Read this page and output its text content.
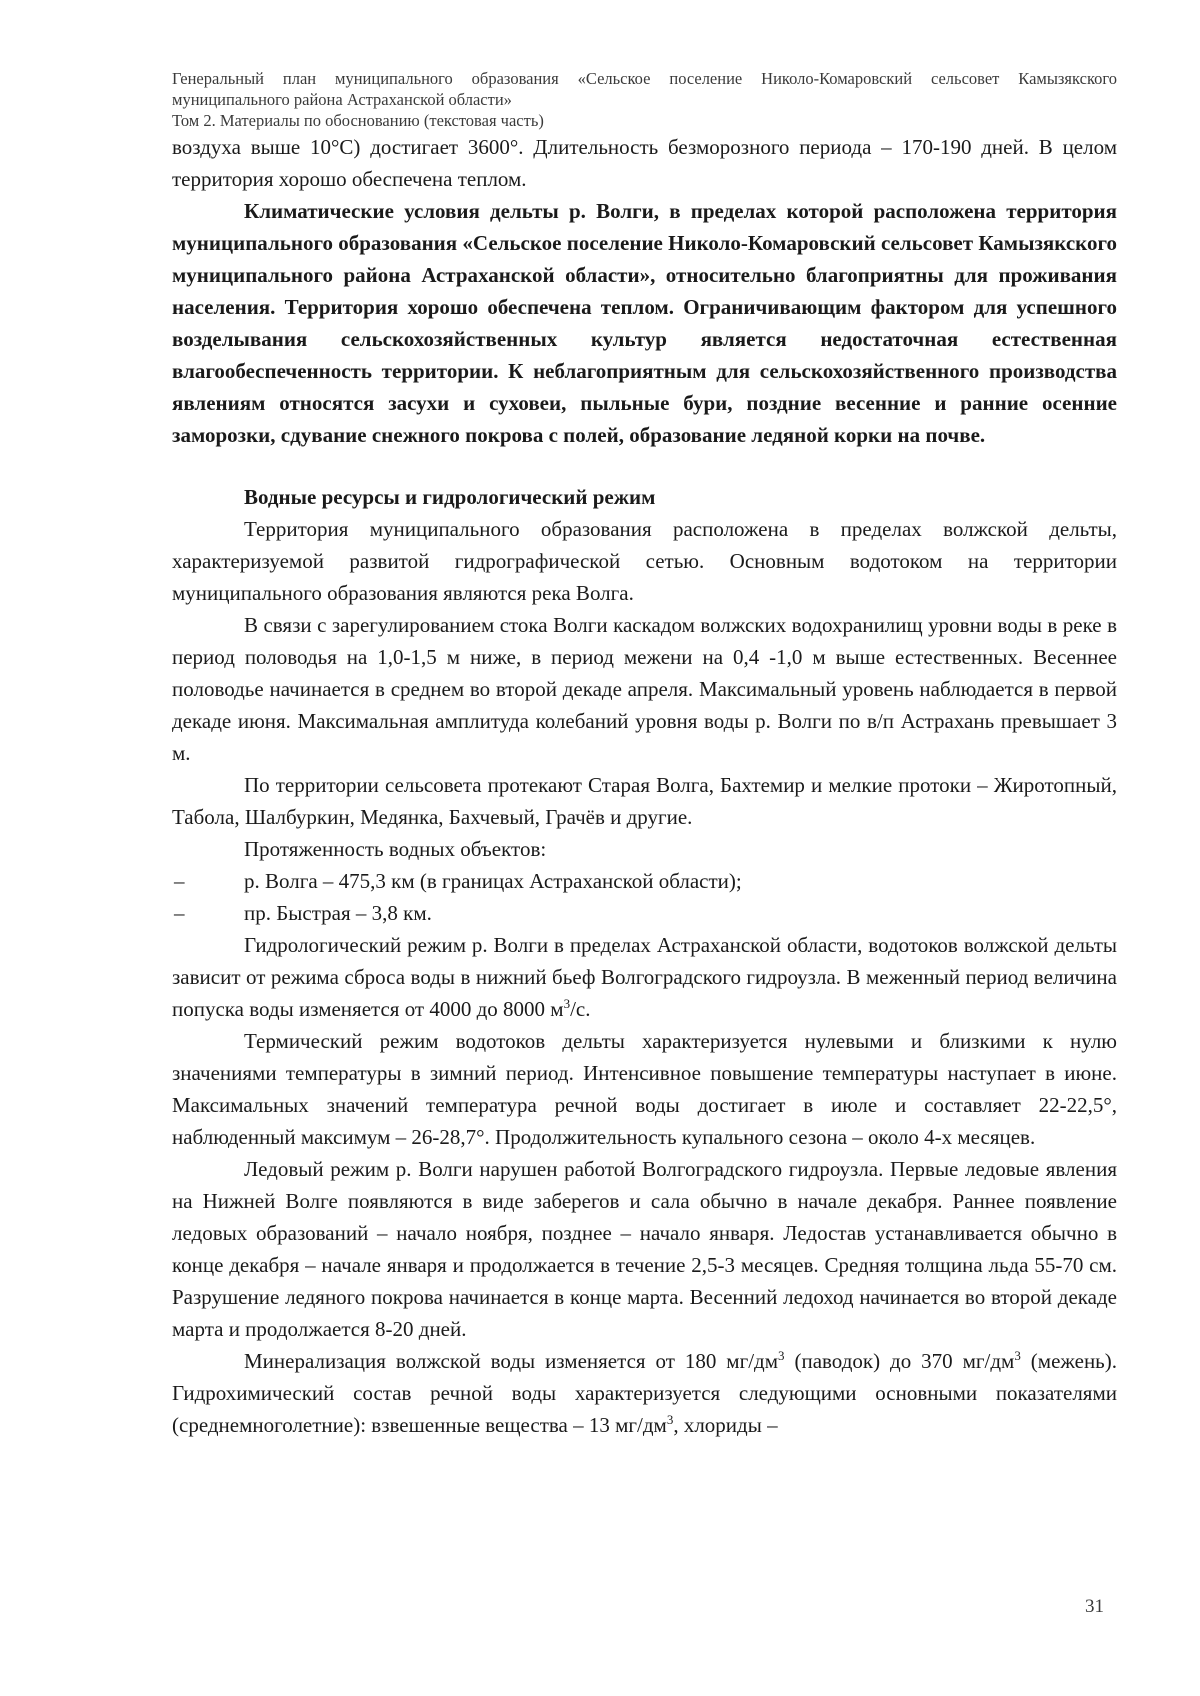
Генеральный план муниципального образования «Сельское поселение Николо-Комаровский сельсовет Камызякского муниципального района Астраханской области»

Том 2. Материалы по обоснованию (текстовая часть)

воздуха выше 10°С) достигает 3600°. Длительность безморозного периода – 170-190 дней. В целом территория хорошо обеспечена теплом.

Климатические условия дельты р. Волги, в пределах которой расположена территория муниципального образования «Сельское поселение Николо-Комаровский сельсовет Камызякского муниципального района Астраханской области», относительно благоприятны для проживания населения. Территория хорошо обеспечена теплом. Ограничивающим фактором для успешного возделывания сельскохозяйственных культур является недостаточная естественная влагообеспеченность территории. К неблагоприятным для сельскохозяйственного производства явлениям относятся засухи и суховеи, пыльные бури, поздние весенние и ранние осенние заморозки, сдувание снежного покрова с полей, образование ледяной корки на почве.

Водные ресурсы и гидрологический режим

Территория муниципального образования расположена в пределах волжской дельты, характеризуемой развитой гидрографической сетью. Основным водотоком на территории муниципального образования являются река Волга.

В связи с зарегулированием стока Волги каскадом волжских водохранилищ уровни воды в реке в период половодья на 1,0-1,5 м ниже, в период межени на 0,4 -1,0 м выше естественных. Весеннее половодье начинается в среднем во второй декаде апреля. Максимальный уровень наблюдается в первой декаде июня. Максимальная амплитуда колебаний уровня воды р. Волги по в/п Астрахань превышает 3 м.

По территории сельсовета протекают Старая Волга, Бахтемир и мелкие протоки – Жиротопный, Табола, Шалбуркин, Медянка, Бахчевый, Грачёв и другие.

Протяженность водных объектов:

–	р. Волга – 475,3 км (в границах Астраханской области);

–	пр. Быстрая – 3,8 км.

Гидрологический режим р. Волги в пределах Астраханской области, водотоков волжской дельты зависит от режима сброса воды в нижний бьеф Волгоградского гидроузла. В меженный период величина попуска воды изменяется от 4000 до 8000 $м^3/с$.

Термический режим водотоков дельты характеризуется нулевыми и близкими к нулю значениями температуры в зимний период. Интенсивное повышение температуры наступает в июне. Максимальных значений температура речной воды достигает в июле и составляет 22-22,5°, наблюденный максимум – 26-28,7°. Продолжительность купального сезона – около 4-х месяцев.

Ледовый режим р. Волги нарушен работой Волгоградского гидроузла. Первые ледовые явления на Нижней Волге появляются в виде заберегов и сала обычно в начале декабря. Раннее появление ледовых образований – начало ноября, позднее – начало января. Ледостав устанавливается обычно в конце декабря – начале января и продолжается в течение 2,5-3 месяцев. Средняя толщина льда 55-70 см. Разрушение ледяного покрова начинается в конце марта. Весенний ледоход начинается во второй декаде марта и продолжается 8-20 дней.

Минерализация волжской воды изменяется от 180 $мг/дм^3$ (паводок) до 370 $мг/дм^3$ (межень). Гидрохимический состав речной воды характеризуется следующими основными показателями (среднемноголетние): взвешенные вещества – 13 $мг/дм^3$, хлориды –

31
